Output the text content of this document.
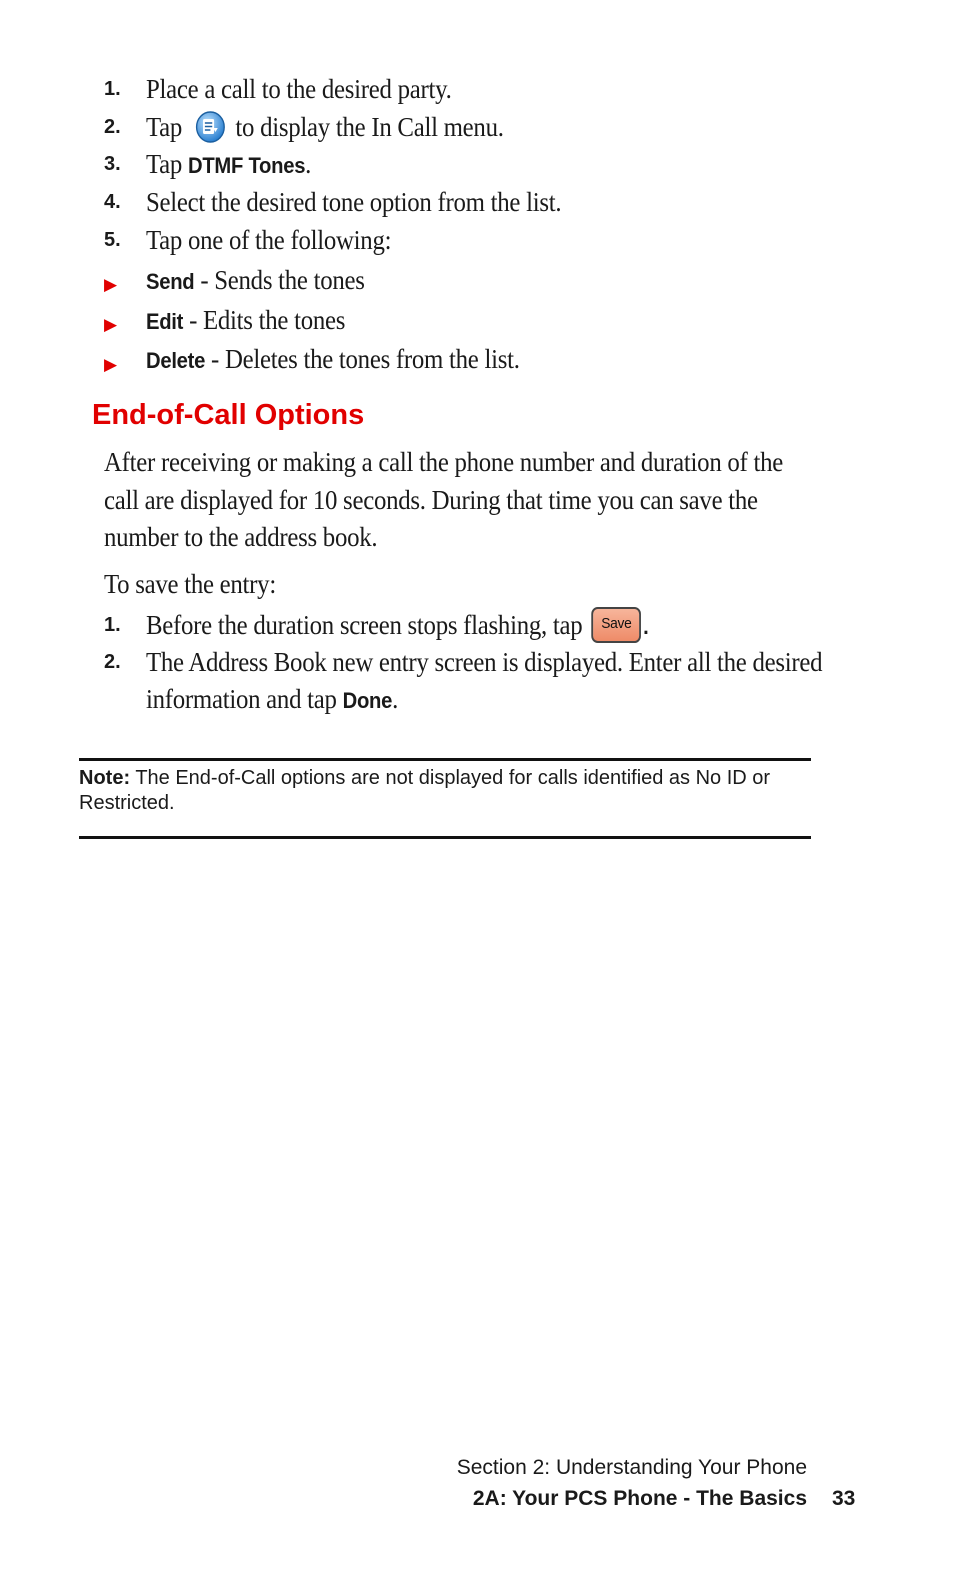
1. Place a call to the desired party.
2. Tap to display the In Call menu.
3. Tap DTMF Tones.
4. Select the desired tone option from the list.
5. Tap one of the following:
▶ Send - Sends the tones
▶ Edit - Edits the tones
▶ Delete - Deletes the tones from the list.
End-of-Call Options
After receiving or making a call the phone number and duration of the call are displayed for 10 seconds. During that time you can save the number to the address book.
To save the entry:
1. Before the duration screen stops flashing, tap Save .
2. The Address Book new entry screen is displayed. Enter all the desired
information and tap Done.
Note: The End-of-Call options are not displayed for calls identified as No ID or Restricted.
Section 2: Understanding Your Phone
2A: Your PCS Phone - The Basics 33
